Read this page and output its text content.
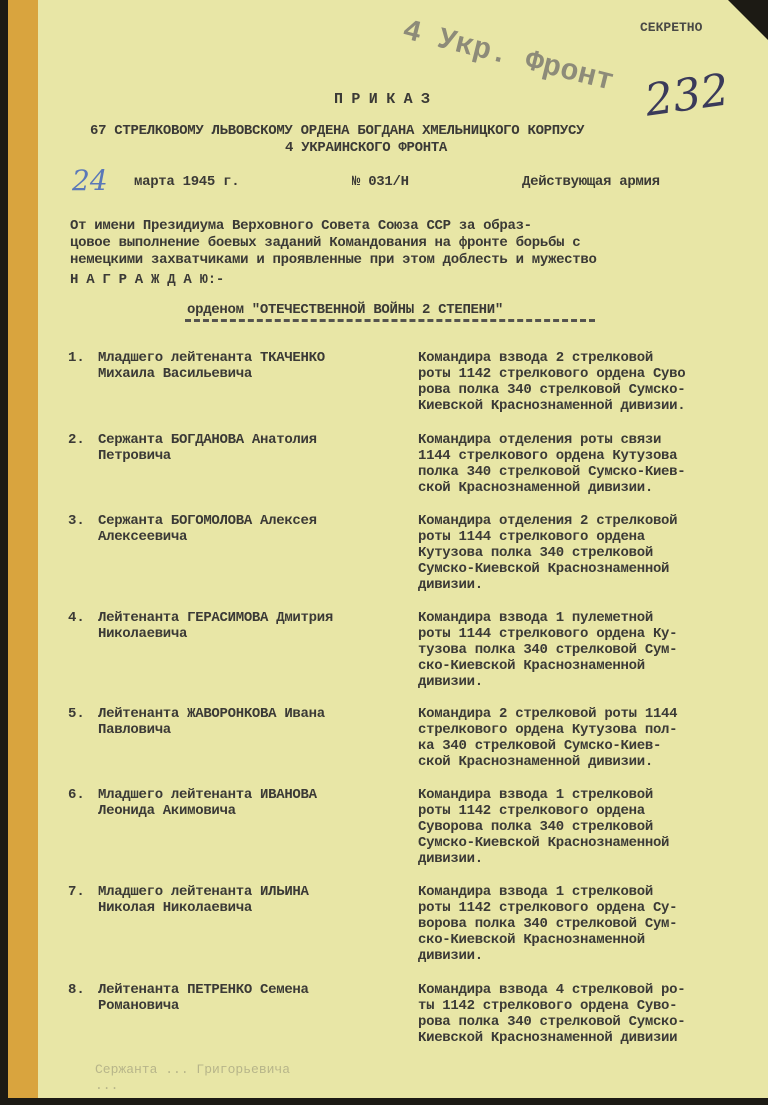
СЕКРЕТНО
4 Укр. Фронт 232
П Р И К А З
67 СТРЕЛКОВОМУ ЛЬВОВСКОМУ ОРДЕНА БОГДАНА ХМЕЛЬНИЦКОГО КОРПУСУ
4 УКРАИНСКОГО ФРОНТА
24 марта 1945 г.	№ 031/Н	Действующая армия
От имени Президиума Верховного Совета Союза ССР за образ-
цовое выполнение боевых заданий Командования на фронте борьбы с
немецкими захватчиками и проявленные при этом доблесть и мужество
Н А Г Р А Ж Д А Ю:-
орденом "ОТЕЧЕСТВЕННОЙ ВОЙНЫ 2 СТЕПЕНИ"
1. Младшего лейтенанта ТКАЧЕНКО
Михаила Васильевича
Командира взвода 2 стрелковой
роты 1142 стрелкового ордена Суво
рова полка 340 стрелковой Сумско-
Киевской Краснознаменной дивизии.
2. Сержанта БОГДАНОВА Анатолия
Петровича
Командира отделения роты связи
1144 стрелкового ордена Кутузова
полка 340 стрелковой Сумско-Киев-
ской Краснознаменной дивизии.
3. Сержанта БОГОМОЛОВА Алексея
Алексеевича
Командира отделения 2 стрелковой
роты 1144 стрелкового ордена
Кутузова полка 340 стрелковой
Сумско-Киевской Краснознаменной
дивизии.
4. Лейтенанта ГЕРАСИМОВА Дмитрия
Николаевича
Командира взвода 1 пулеметной
роты 1144 стрелкового ордена Ку-
тузова полка 340 стрелковой Сум-
ско-Киевской Краснознаменной
дивизии.
5. Лейтенанта ЖАВОРОНКОВА Ивана
Павловича
Командира 2 стрелковой роты 1144
стрелкового ордена Кутузова пол-
ка 340 стрелковой Сумско-Киев-
ской Краснознаменной дивизии.
6. Младшего лейтенанта ИВАНОВА
Леонида Акимовича
Командира взвода 1 стрелковой
роты 1142 стрелкового ордена
Суворова полка 340 стрелковой
Сумско-Киевской Краснознаменной
дивизии.
7. Младшего лейтенанта ИЛЬИНА
Николая Николаевича
Командира взвода 1 стрелковой
роты 1142 стрелкового ордена Су-
ворова полка 340 стрелковой Сум-
ско-Киевской Краснознаменной
дивизии.
8. Лейтенанта ПЕТРЕНКО Семена
Романовича
Командира взвода 4 стрелковой ро-
ты 1142 стрелкового ордена Суво-
рова полка 340 стрелковой Сумско-
Киевской Краснознаменной дивизии
Сержанта ... Григорьевича
...
